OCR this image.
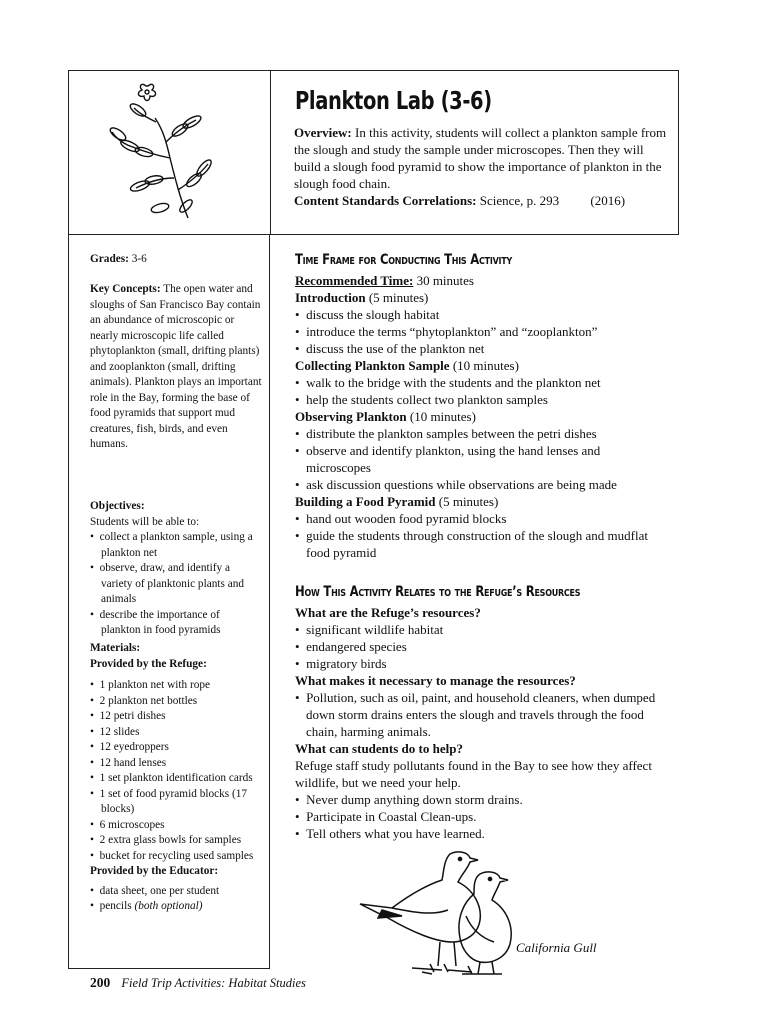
Plankton Lab (3-6)
Overview: In this activity, students will collect a plankton sample from the slough and study the sample under microscopes. Then they will build a slough food pyramid to show the importance of plankton in the slough food chain.
Content Standards Correlations: Science, p. 293 (2016)
Grades: 3-6
Key Concepts: The open water and sloughs of San Francisco Bay contain an abundance of microscopic or nearly microscopic life called phytoplankton (small, drifting plants) and zooplankton (small, drifting animals). Plankton plays an important role in the Bay, forming the base of food pyramids that support mud creatures, fish, birds, and even humans.
Objectives:
Students will be able to:
•  collect a plankton sample, using a plankton net
•  observe, draw, and identify a variety of planktonic plants and animals
•  describe the importance of plankton in food pyramids
Materials:
Provided by the Refuge:
•  1 plankton net with rope
•  2 plankton net bottles
•  12 petri dishes
•  12 slides
•  12 eyedroppers
•  12 hand lenses
•  1 set plankton identification cards
•  1 set of food pyramid blocks (17 blocks)
•  6 microscopes
•  2 extra glass bowls for samples
•  bucket for recycling used samples
Provided by the Educator:
•  data sheet, one per student
•  pencils (both optional)
Time Frame for Conducting This Activity
Recommended Time: 30 minutes
Introduction (5 minutes)
•  discuss the slough habitat
•  introduce the terms “phytoplankton” and “zooplankton”
•  discuss the use of the plankton net
Collecting Plankton Sample (10 minutes)
•  walk to the bridge with the students and the plankton net
•  help the students collect two plankton samples
Observing Plankton (10 minutes)
•  distribute the plankton samples between the petri dishes
•  observe and identify plankton, using the hand lenses and microscopes
•  ask discussion questions while observations are being made
Building a Food Pyramid (5 minutes)
•  hand out wooden food pyramid blocks
•  guide the students through construction of the slough and mudflat food pyramid
How This Activity Relates to the Refuge’s Resources
What are the Refuge’s resources?
•  significant wildlife habitat
•  endangered species
•  migratory birds
What makes it necessary to manage the resources?
•  Pollution, such as oil, paint, and household cleaners, when dumped down storm drains enters the slough and travels through the food chain, harming animals.
What can students do to help?
Refuge staff study pollutants found in the Bay to see how they affect wildlife, but we need your help.
•  Never dump anything down storm drains.
•  Participate in Coastal Clean-ups.
•  Tell others what you have learned.
California Gull
200 Field Trip Activities: Habitat Studies
